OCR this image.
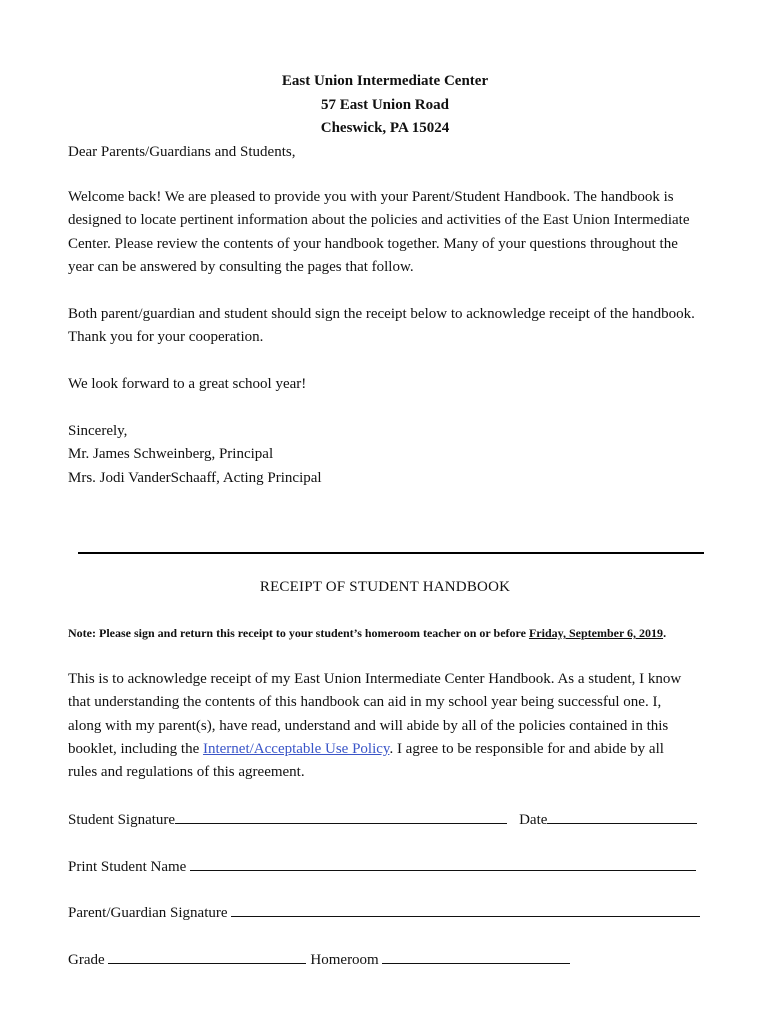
East Union Intermediate Center
57 East Union Road
Cheswick, PA 15024
Dear Parents/Guardians and Students,
Welcome back! We are pleased to provide you with your Parent/Student Handbook. The handbook is
designed to locate pertinent information about the policies and activities of the East Union Intermediate
Center. Please review the contents of your handbook together. Many of your questions throughout the
year can be answered by consulting the pages that follow.
Both parent/guardian and student should sign the receipt below to acknowledge receipt of the handbook.
Thank you for your cooperation.
We look forward to a great school year!
Sincerely,
Mr. James Schweinberg, Principal
Mrs. Jodi VanderSchaaff, Acting Principal
RECEIPT OF STUDENT HANDBOOK
Note: Please sign and return this receipt to your student’s homeroom teacher on or before Friday, September 6, 2019.
This is to acknowledge receipt of my East Union Intermediate Center Handbook. As a student, I know
that understanding the contents of this handbook can aid in my school year being successful one. I,
along with my parent(s), have read, understand and will abide by all of the policies contained in this
booklet, including the Internet/Acceptable Use Policy. I agree to be responsible for and abide by all
rules and regulations of this agreement.
Student Signature	Date
Print Student Name
Parent/Guardian Signature
Grade	Homeroom
